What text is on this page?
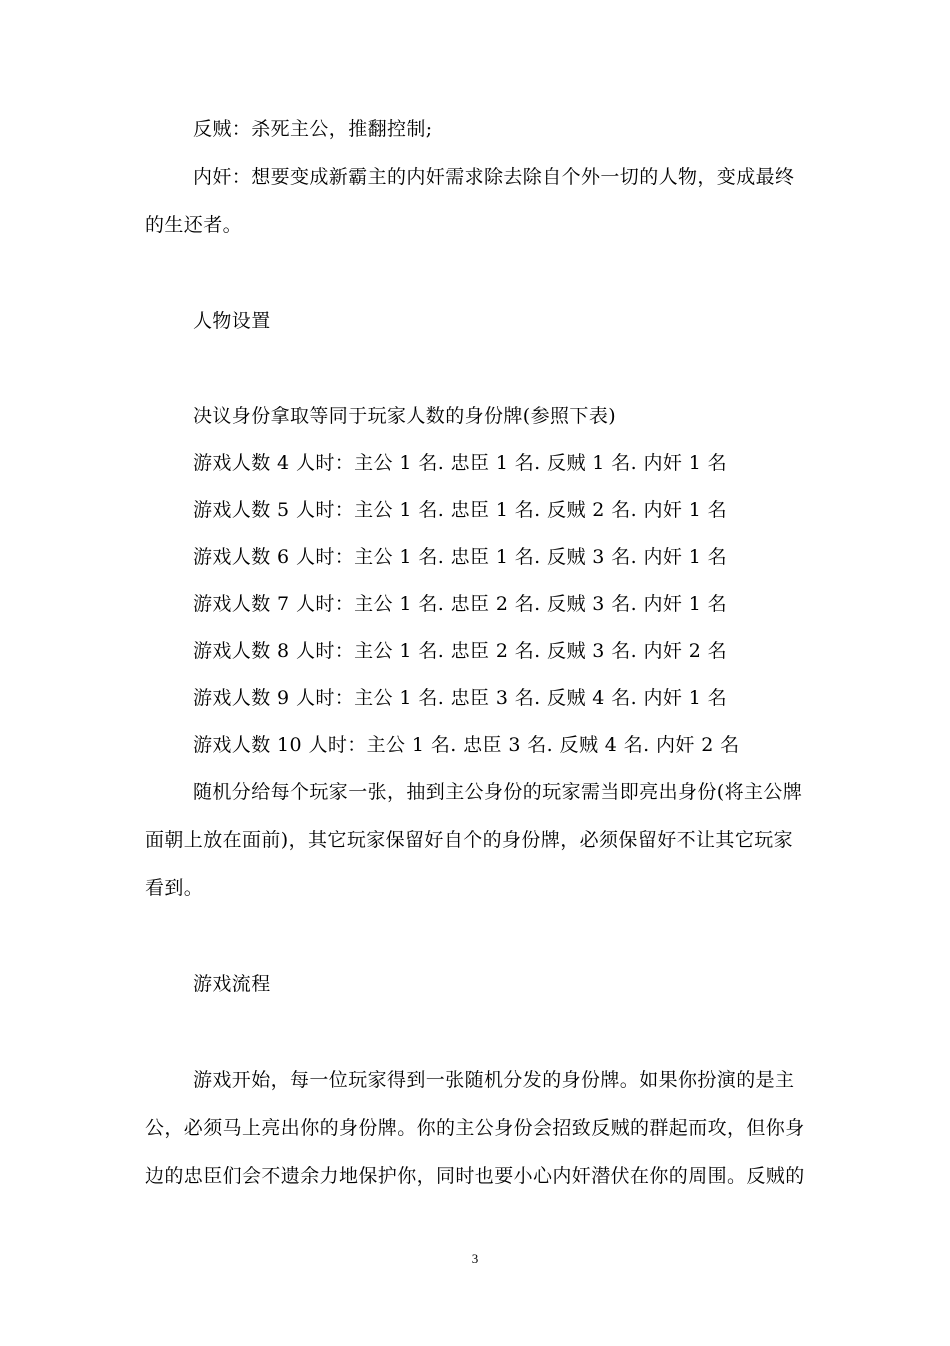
反贼：杀死主公，推翻控制;
内奸：想要变成新霸主的内奸需求除去除自个外一切的人物，变成最终
的生还者。
人物设置
决议身份拿取等同于玩家人数的身份牌(参照下表)
游戏人数 4 人时：主公 1 名. 忠臣 1 名. 反贼 1 名. 内奸 1 名
游戏人数 5 人时：主公 1 名. 忠臣 1 名. 反贼 2 名. 内奸 1 名
游戏人数 6 人时：主公 1 名. 忠臣 1 名. 反贼 3 名. 内奸 1 名
游戏人数 7 人时：主公 1 名. 忠臣 2 名. 反贼 3 名. 内奸 1 名
游戏人数 8 人时：主公 1 名. 忠臣 2 名. 反贼 3 名. 内奸 2 名
游戏人数 9 人时：主公 1 名. 忠臣 3 名. 反贼 4 名. 内奸 1 名
游戏人数 10 人时：主公 1 名. 忠臣 3 名. 反贼 4 名. 内奸 2 名
随机分给每个玩家一张，抽到主公身份的玩家需当即亮出身份(将主公牌
面朝上放在面前)，其它玩家保留好自个的身份牌，必须保留好不让其它玩家
看到。
游戏流程
游戏开始，每一位玩家得到一张随机分发的身份牌。如果你扮演的是主
公，必须马上亮出你的身份牌。你的主公身份会招致反贼的群起而攻，但你身
边的忠臣们会不遗余力地保护你，同时也要小心内奸潜伏在你的周围。反贼的
3
